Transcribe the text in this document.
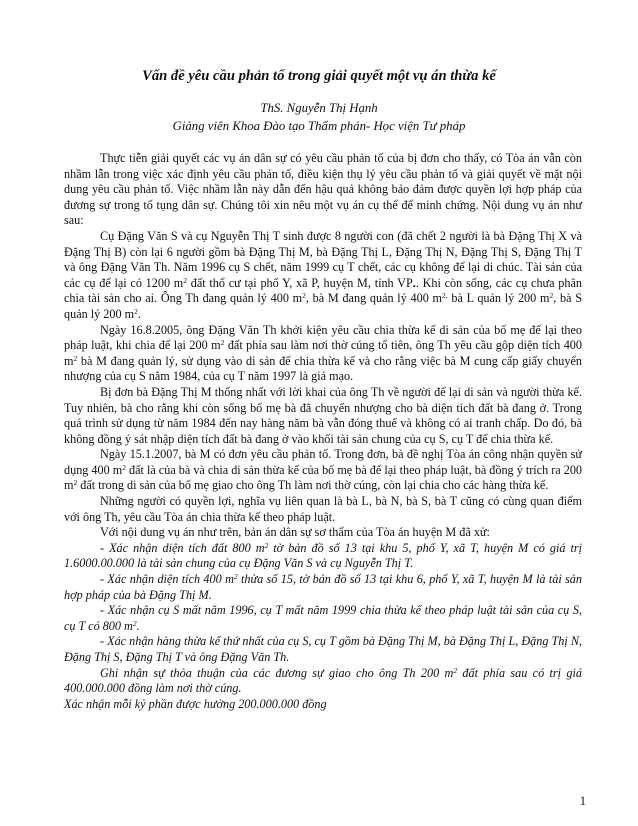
Vấn đề yêu cầu phản tố trong giải quyết một vụ án thừa kế
ThS. Nguyễn Thị Hạnh
Giảng viên Khoa Đào tạo Thẩm phán- Học viện Tư pháp

Thực tiễn giải quyết các vụ án dân sự có yêu cầu phản tố của bị đơn cho thấy, có Tòa án vẫn còn nhầm lẫn trong việc xác định yêu cầu phản tố, điều kiện thụ lý yêu cầu phản tố và giải quyết về mặt nội dung yêu cầu phản tố. Việc nhầm lẫn này dẫn đến hậu quả không bảo đảm được quyền lợi hợp pháp của đương sự trong tố tụng dân sự. Chúng tôi xin nêu một vụ án cụ thể để minh chứng. Nội dung vụ án như sau:

Cụ Đặng Văn S và cụ Nguyễn Thị T sinh được 8 người con (đã chết 2 người là bà Đặng Thị X và Đặng Thị B) còn lại 6 người gồm bà Đặng Thị M, bà Đặng Thị L, Đặng Thị N, Đặng Thị S, Đặng Thị T và ông Đặng Văn Th. Năm 1996 cụ S chết, năm 1999 cụ T chết, các cụ không để lại di chúc. Tài sản của các cụ để lại có 1200 $m^2$ đất thổ cư tại phố Y, xã P, huyện M, tỉnh VP.. Khi còn sống, các cụ chưa phân chia tài sản cho ai. Ông Th đang quản lý 400 $m^2$, bà M đang quản lý 400 $m^{2,}$ bà L quản lý 200 $m^2$, bà S quản lý 200 $m^2$.

Ngày 16.8.2005, ông Đặng Văn Th khởi kiện yêu cầu chia thừa kế di sản của bố mẹ để lại theo pháp luật, khi chia để lại 200 $m^2$ đất phía sau làm nơi thờ cúng tổ tiên, ông Th yêu cầu gộp diện tích 400 $m^2$ bà M đang quản lý, sử dụng vào di sản để chia thừa kế và cho rằng việc bà M cung cấp giấy chuyển nhượng của cụ S năm 1984, của cụ T năm 1997 là giả mạo.

Bị đơn bà Đặng Thị M thống nhất với lời khai của ông Th về người để lại di sản và người thừa kế. Tuy nhiên, bà cho rằng khi còn sống bố mẹ bà đã chuyển nhượng cho bà diện tích đất bà đang ở. Trong quá trình sử dụng từ năm 1984 đến nay hàng năm bà vẫn đóng thuế và không có ai tranh chấp. Do đó, bà không đồng ý sát nhập diện tích đất bà đang ở vào khối tài sản chung của cụ S, cụ T để chia thừa kế.

Ngày 15.1.2007, bà M có đơn yêu cầu phản tố. Trong đơn, bà đề nghị Tòa án công nhận quyền sử dụng 400 $m^2$ đất là của bà và chia di sản thừa kế của bố mẹ bà để lại theo pháp luật, bà đồng ý trích ra 200 $m^2$ đất trong di sản của bố mẹ giao cho ông Th làm nơi thờ cúng, còn lại chia cho các hàng thừa kế.

Những người có quyền lợi, nghĩa vụ liên quan là bà L, bà N, bà S, bà T cũng có cùng quan điểm với ông Th, yêu cầu Tòa án chia thừa kế theo pháp luật.

Với nội dung vụ án như trên, bản án dân sự sơ thẩm của Tòa án huyện M đã xử:

- Xác nhận diện tích đất 800 $m^2$ tờ bản đồ số 13 tại khu 5, phố Y, xã T, huyện M có giá trị 1.6000.00.000 là tài sản chung của cụ Đặng Văn S và cụ Nguyễn Thị T.

- Xác nhận diện tích 400 $m^2$ thửa số 15, tờ bản đồ số 13 tại khu 6, phố Y, xã T, huyện M là tài sản hợp pháp của bà Đặng Thị M.

- Xác nhận cụ S mất năm 1996, cụ T mất năm 1999 chia thừa kế theo pháp luật tài sản của cụ S, cụ T có 800 $m^2$.

- Xác nhận hàng thừa kế thứ nhất của cụ S, cụ T gồm bà Đặng Thị M, bà Đặng Thị L, Đặng Thị N, Đặng Thị S, Đặng Thị T và ông Đặng Văn Th.

Ghi nhận sự thỏa thuận của các đương sự giao cho ông Th 200 $m^2$ đất phía sau có trị giá 400.000.000 đồng làm nơi thờ cúng.

Xác nhận mỗi kỷ phần được hưởng 200.000.000 đồng

1
